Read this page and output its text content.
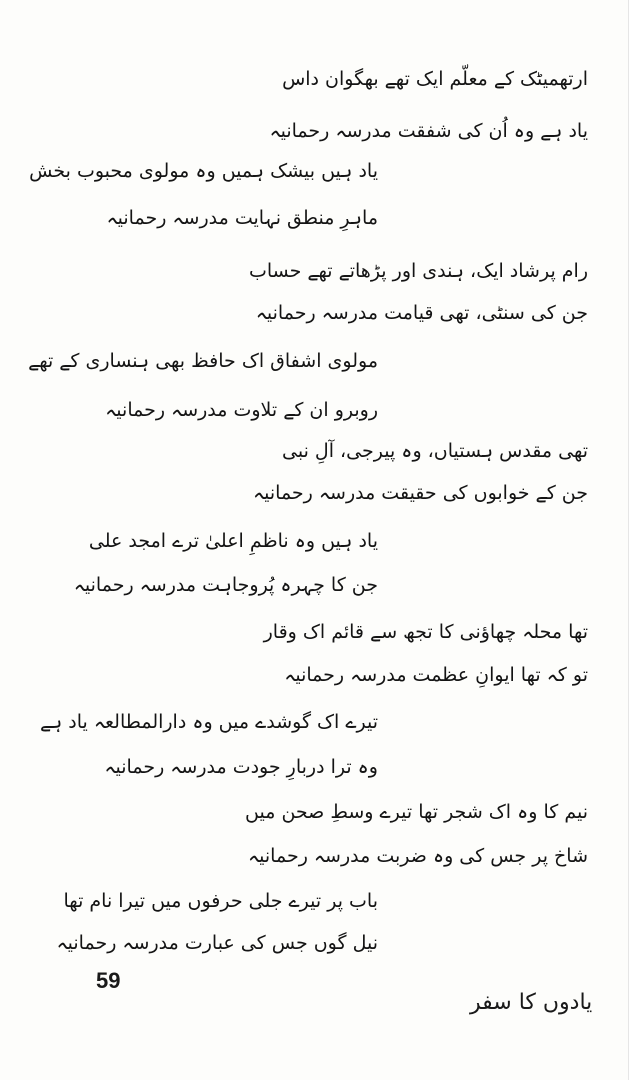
ارتھمیٹک کے معلّم ایک تھے بھگوان داس
یاد ہے وہ اُن کی شفقت مدرسہ رحمانیہ
یاد ہیں بیشک ہمیں وہ مولوی محبوب بخش
ماہرِ منطق نہایت مدرسہ رحمانیہ
رام پرشاد ایک، ہندی اور پڑھاتے تھے حساب
جن کی سنٹی، تھی قیامت مدرسہ رحمانیہ
مولوی اشفاق اک حافظ بھی ہنساری کے تھے
روبرو ان کے تلاوت مدرسہ رحمانیہ
تھی مقدس ہستیاں، وہ پیرجی، آلِ نبی
جن کے خوابوں کی حقیقت مدرسہ رحمانیہ
یاد ہیں وہ ناظمِ اعلیٰ ترے امجد علی
جن کا چہرہ پُروجاہت مدرسہ رحمانیہ
تھا محلہ چھاؤنی کا تجھ سے قائم اک وقار
تو کہ تھا ایوانِ عظمت مدرسہ رحمانیہ
تیرے اک گوشدے میں وہ دارالمطالعہ یاد ہے
وہ ترا دربارِ جودت مدرسہ رحمانیہ
نیم کا وہ اک شجر تھا تیرے وسطِ صحن میں
شاخ پر جس کی وہ ضربت مدرسہ رحمانیہ
باب پر تیرے جلی حرفوں میں تیرا نام تھا
نیل گوں جس کی عبارت مدرسہ رحمانیہ
59
یادوں کا سفر
